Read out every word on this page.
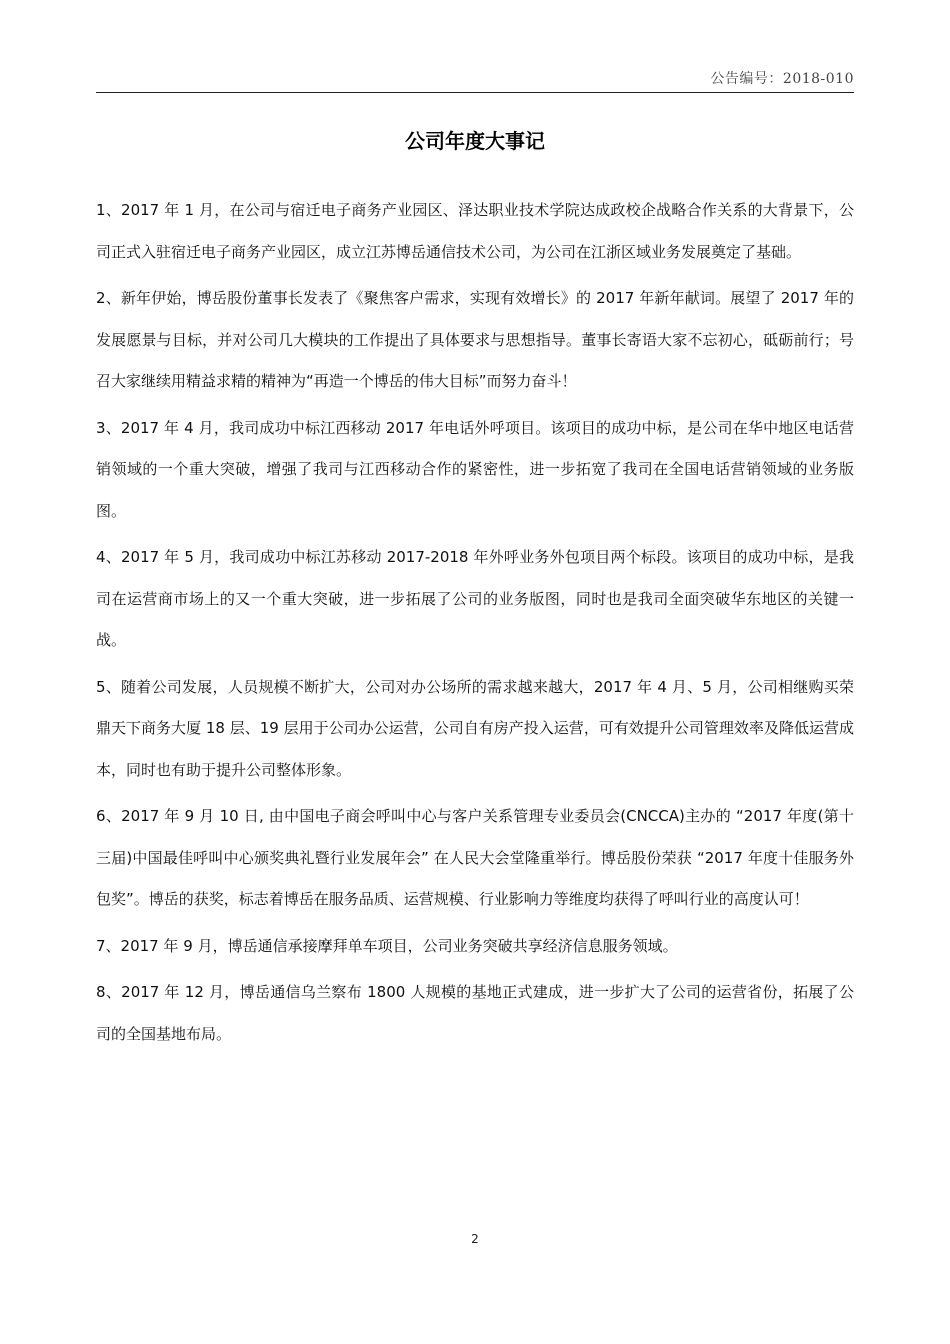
公告编号：2018-010
公司年度大事记

1、2017 年 1 月，在公司与宿迁电子商务产业园区、泽达职业技术学院达成政校企战略合作关系的大背景下，公司正式入驻宿迁电子商务产业园区，成立江苏博岳通信技术公司，为公司在江浙区域业务发展奠定了基础。

2、新年伊始，博岳股份董事长发表了《聚焦客户需求，实现有效增长》的 2017 年新年献词。展望了 2017 年的发展愿景与目标，并对公司几大模块的工作提出了具体要求与思想指导。董事长寄语大家不忘初心，砥砺前行；号召大家继续用精益求精的精神为“再造一个博岳的伟大目标”而努力奋斗！

3、2017 年 4 月，我司成功中标江西移动 2017 年电话外呼项目。该项目的成功中标，是公司在华中地区电话营销领域的一个重大突破，增强了我司与江西移动合作的紧密性，进一步拓宽了我司在全国电话营销领域的业务版图。

4、2017 年 5 月，我司成功中标江苏移动 2017-2018 年外呼业务外包项目两个标段。该项目的成功中标，是我司在运营商市场上的又一个重大突破，进一步拓展了公司的业务版图，同时也是我司全面突破华东地区的关键一战。

5、随着公司发展，人员规模不断扩大，公司对办公场所的需求越来越大，2017 年 4 月、5 月，公司相继购买荣鼎天下商务大厦 18 层、19 层用于公司办公运营，公司自有房产投入运营，可有效提升公司管理效率及降低运营成本，同时也有助于提升公司整体形象。

6、2017 年 9 月 10 日, 由中国电子商会呼叫中心与客户关系管理专业委员会(CNCCA)主办的 “2017 年度(第十三届)中国最佳呼叫中心颁奖典礼暨行业发展年会” 在人民大会堂隆重举行。博岳股份荣获 “2017 年度十佳服务外包奖”。博岳的获奖，标志着博岳在服务品质、运营规模、行业影响力等维度均获得了呼叫行业的高度认可！

7、2017 年 9 月，博岳通信承接摩拜单车项目，公司业务突破共享经济信息服务领域。

8、2017 年 12 月，博岳通信乌兰察布 1800 人规模的基地正式建成，进一步扩大了公司的运营省份，拓展了公司的全国基地布局。

2
